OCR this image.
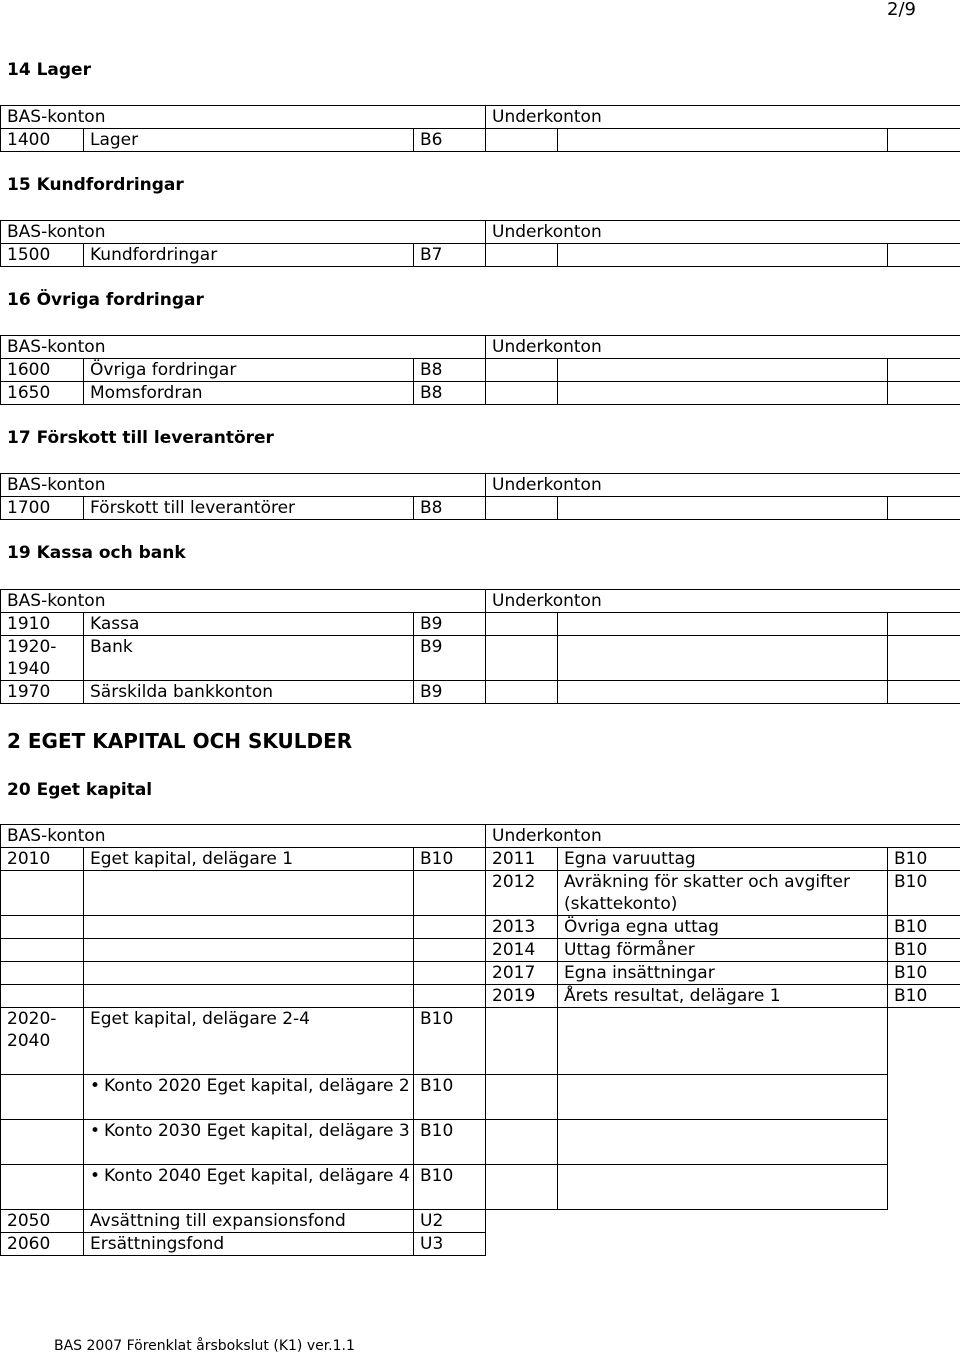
2/9
14 Lager
BAS-konton			Underkonton		
1400	Lager	B6			
15 Kundfordringar
BAS-konton			Underkonton		
1500	Kundfordringar	B7			
16 Övriga fordringar
BAS-konton			Underkonton		
1600	Övriga fordringar	B8			
1650	Momsfordran	B8			
17 Förskott till leverantörer
BAS-konton			Underkonton		
1700	Förskott till leverantörer	B8			
19 Kassa och bank
BAS-konton			Underkonton		
1910	Kassa	B9			
1920-1940	Bank	B9			
1970	Särskilda bankkonton	B9			
2 EGET KAPITAL OCH SKULDER
20 Eget kapital
BAS-konton			Underkonton		
2010	Eget kapital, delägare 1	B10	2011	Egna varuuttag	B10
			2012	Avräkning för skatter och avgifter (skattekonto)	B10
			2013	Övriga egna uttag	B10
			2014	Uttag förmåner	B10
			2017	Egna insättningar	B10
			2019	Årets resultat, delägare 1	B10
2020-2040	Eget kapital, delägare 2-4	B10			
	• Konto 2020 Eget kapital, delägare 2	B10			
	• Konto 2030 Eget kapital, delägare 3	B10			
	• Konto 2040 Eget kapital, delägare 4	B10			
2050	Avsättning till expansionsfond	U2			
2060	Ersättningsfond	U3			
BAS 2007 Förenklat årsbokslut (K1) ver.1.1
